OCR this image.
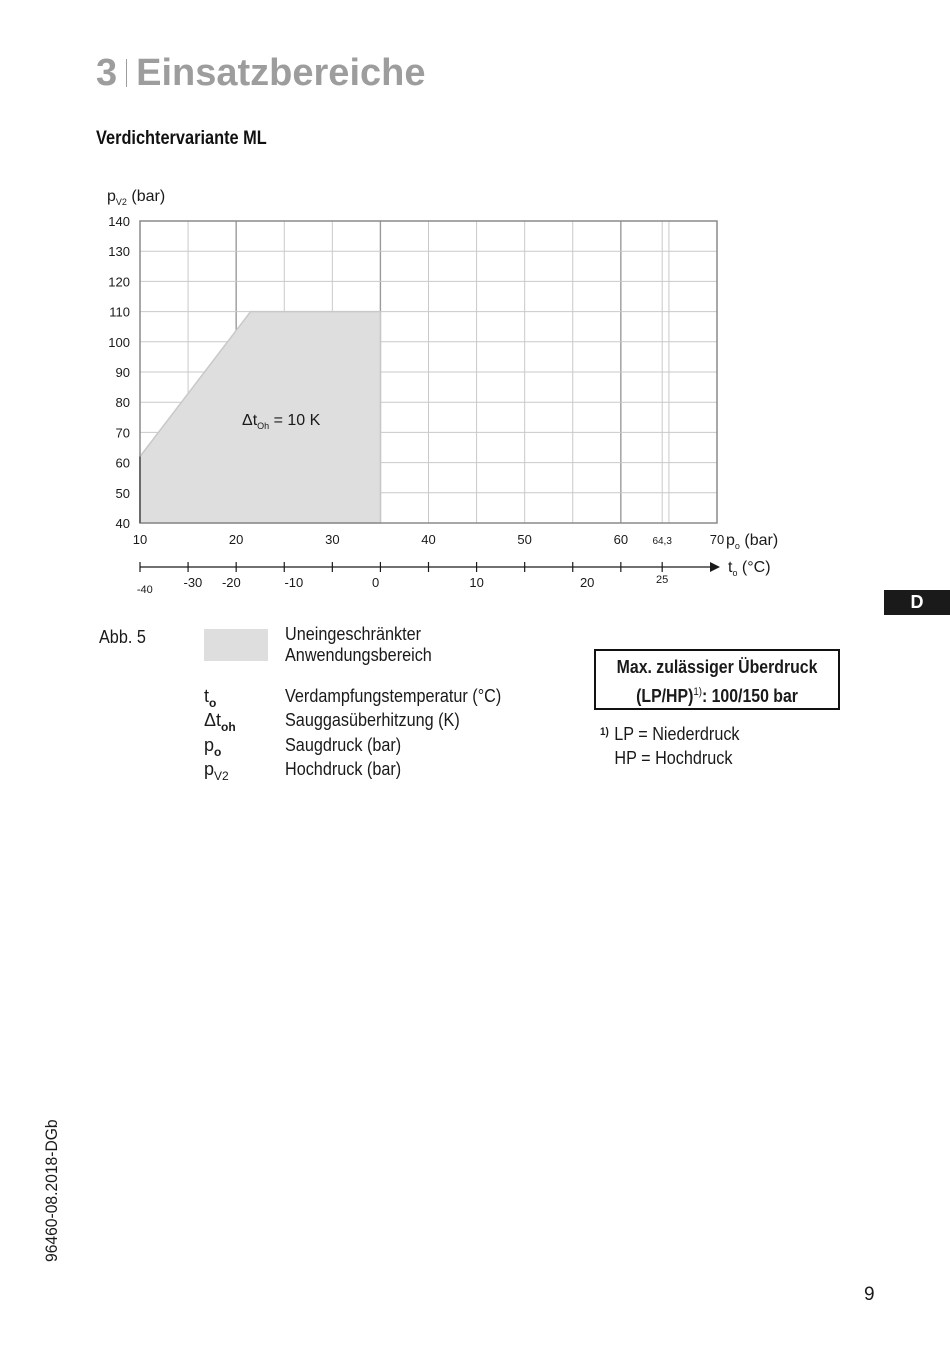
3 Einsatzbereiche
Verdichtervariante ML
40
50
60
70
80
90
100
110
120
130
140
$p_{V2}$ (bar)
10	20	30	40	50	60	70
64,3	$p_o$ (bar)
-40 -30 -20	-10	0	10	20	25
$t_o$ (°C)
$\Delta t_{Oh} = 10$ K
D
Abb. 5	Uneingeschränkter Anwendungsbereich
$t_o$	Verdampfungstemperatur (°C)
$\Delta t_{oh}$	Sauggasüberhitzung (K)
$p_o$	Saugdruck (bar)
$p_{V2}$	Hochdruck (bar)
Max. zulässiger Überdruck
$(LP/HP)^{1)}$: 100/150 bar
$^{1)}$ LP = Niederdruck
HP = Hochdruck
96460-08.2018-DGb
9
